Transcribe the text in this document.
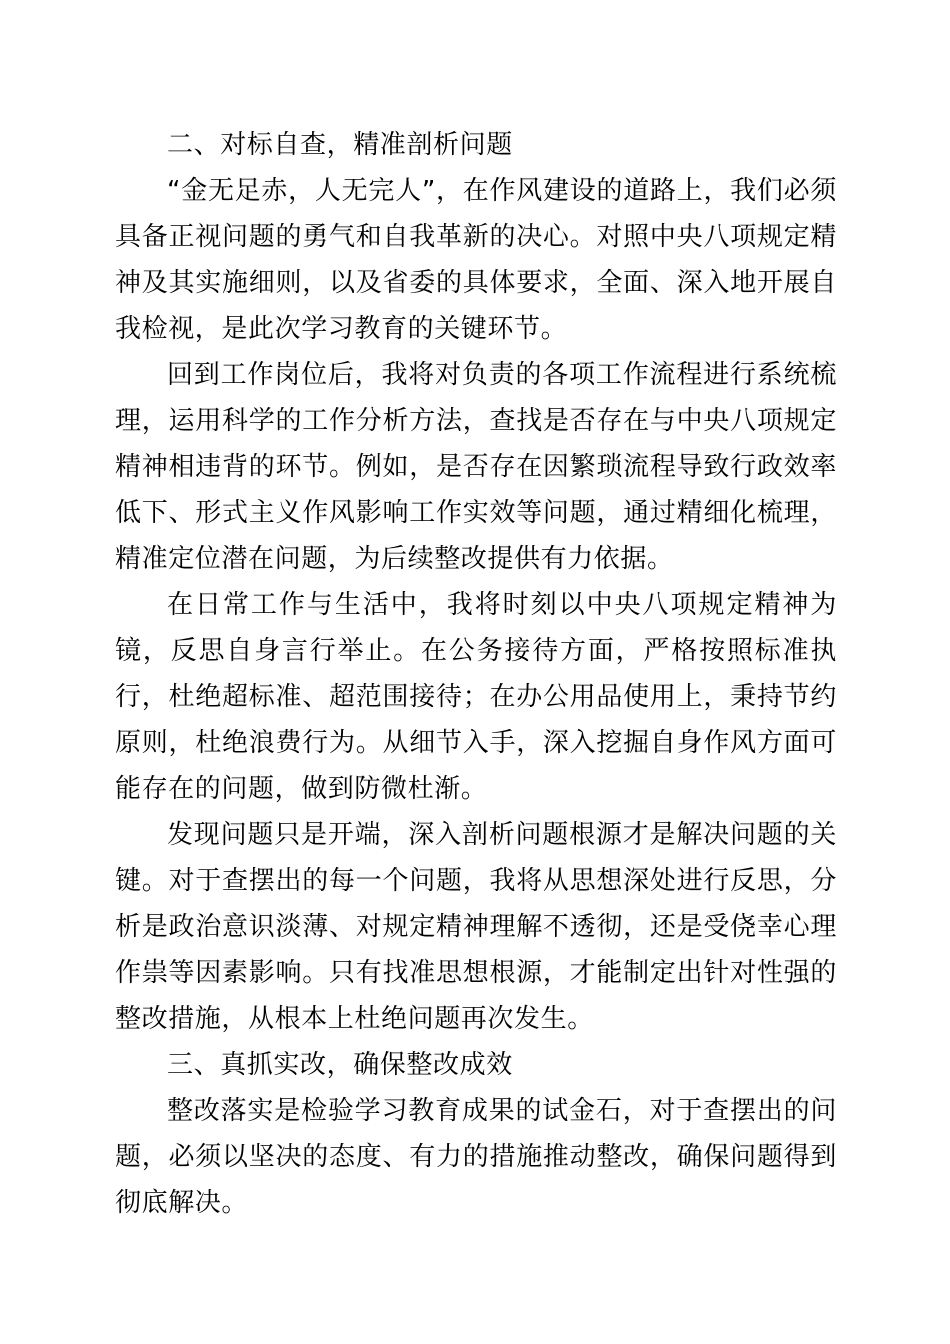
二、对标自查，精准剖析问题

“金无足赤，人无完人”，在作风建设的道路上，我们必须具备正视问题的勇气和自我革新的决心。对照中央八项规定精神及其实施细则，以及省委的具体要求，全面、深入地开展自我检视，是此次学习教育的关键环节。

回到工作岗位后，我将对负责的各项工作流程进行系统梳理，运用科学的工作分析方法，查找是否存在与中央八项规定精神相违背的环节。例如，是否存在因繁琐流程导致行政效率低下、形式主义作风影响工作实效等问题，通过精细化梳理，精准定位潜在问题，为后续整改提供有力依据。

在日常工作与生活中，我将时刻以中央八项规定精神为镜，反思自身言行举止。在公务接待方面，严格按照标准执行，杜绝超标准、超范围接待；在办公用品使用上，秉持节约原则，杜绝浪费行为。从细节入手，深入挖掘自身作风方面可能存在的问题，做到防微杜渐。

发现问题只是开端，深入剖析问题根源才是解决问题的关键。对于查摆出的每一个问题，我将从思想深处进行反思，分析是政治意识淡薄、对规定精神理解不透彻，还是受侥幸心理作祟等因素影响。只有找准思想根源，才能制定出针对性强的整改措施，从根本上杜绝问题再次发生。

三、真抓实改，确保整改成效

整改落实是检验学习教育成果的试金石，对于查摆出的问题，必须以坚决的态度、有力的措施推动整改，确保问题得到彻底解决。
